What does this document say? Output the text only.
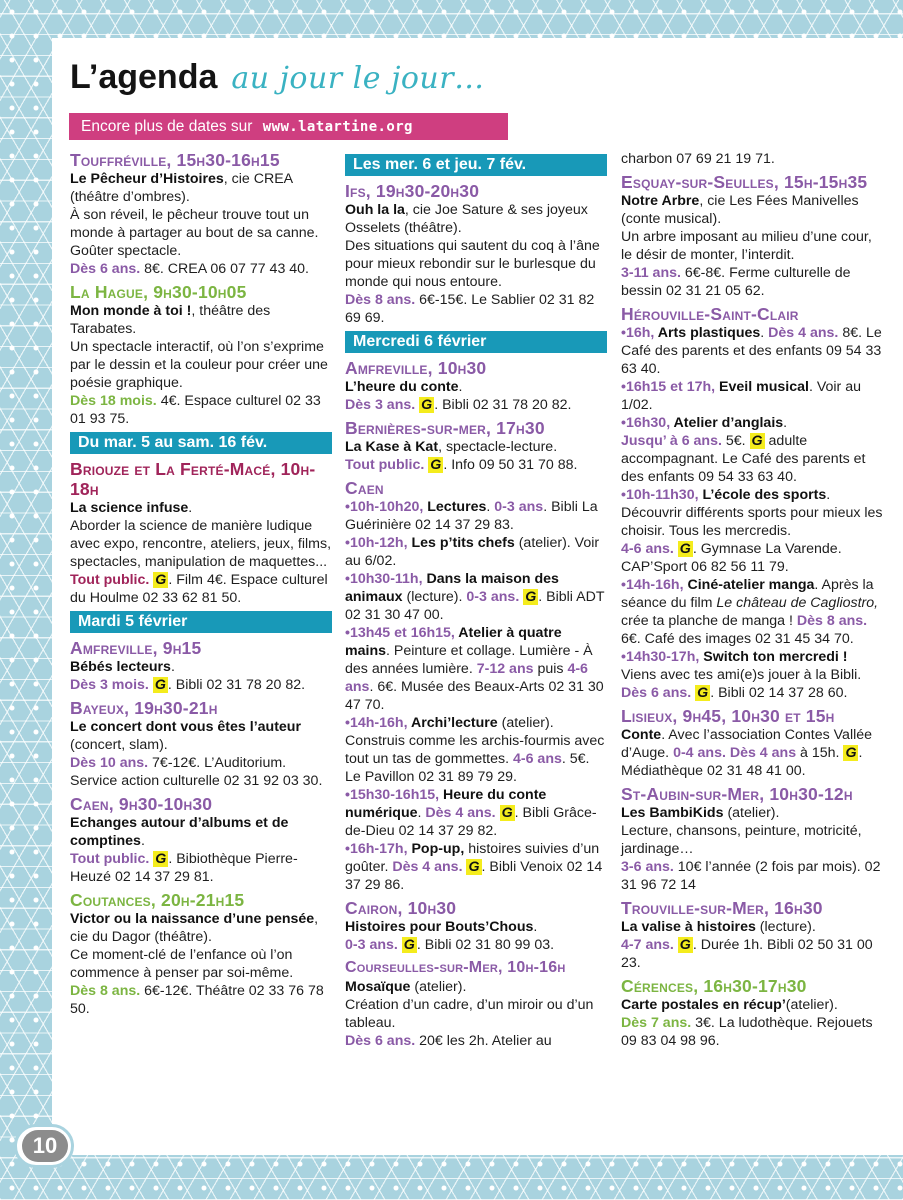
L’agenda au jour le jour…
Encore plus de dates sur www.latartine.org
Touffréville, 15h30-16h15

Le Pêcheur d’Histoires, cie CREA (théâtre d’ombres).

À son réveil, le pêcheur trouve tout un monde à partager au bout de sa canne. Goûter spectacle.

Dès 6 ans. 8€. CREA 06 07 77 43 40.

La Hague, 9h30-10h05

Mon monde à toi !, théâtre des Tarabates.

Un spectacle interactif, où l’on s’exprime par le dessin et la couleur pour créer une poésie graphique.

Dès 18 mois. 4€. Espace culturel 02 33 01 93 75.

Du mar. 5 au sam. 16 fév.
Briouze et La Ferté-Macé, 10h-18h

La science infuse.

Aborder la science de manière ludique avec expo, rencontre, ateliers, jeux, films, spectacles, manipulation de maquettes...

Tout public. G . Film 4€. Espace culturel du Houlme 02 33 62 81 50.

Mardi 5 février
Amfreville, 9h15

Bébés lecteurs.

Dès 3 mois. G . Bibli 02 31 78 20 82.

Bayeux, 19h30-21h

Le concert dont vous êtes l’auteur (concert, slam).

Dès 10 ans. 7€-12€. L’Auditorium. Service action culturelle 02 31 92 03 30.

Caen, 9h30-10h30

Echanges autour d’albums et de comptines.

Tout public. G . Bibiothèque Pierre-Heuzé 02 14 37 29 81.

Coutances, 20h-21h15

Victor ou la naissance d’une pensée, cie du Dagor (théâtre).

Ce moment-clé de l’enfance où l’on commence à penser par soi-même.

Dès 8 ans. 6€-12€. Théâtre 02 33 76 78 50.

Les mer. 6 et jeu. 7 fév.
Ifs, 19h30-20h30

Ouh la la, cie Joe Sature & ses joyeux Osselets (théâtre).

Des situations qui sautent du coq à l’âne pour mieux rebondir sur le burlesque du monde qui nous entoure.

Dès 8 ans. 6€-15€. Le Sablier 02 31 82 69 69.

Mercredi 6 février
Amfreville, 10h30

L’heure du conte.

Dès 3 ans. G . Bibli 02 31 78 20 82.

Bernières-sur-mer, 17h30

La Kase à Kat, spectacle-lecture.

Tout public. G . Info 09 50 31 70 88.

Caen

•10h-10h20, Lectures. 0-3 ans. Bibli La Guérinière 02 14 37 29 83.

•10h-12h, Les p’tits chefs (atelier). Voir au 6/02.

•10h30-11h, Dans la maison des animaux (lecture). 0-3 ans. G . Bibli ADT 02 31 30 47 00.

•13h45 et 16h15, Atelier à quatre mains. Peinture et collage. Lumière - À des années lumière. 7-12 ans puis 4-6 ans. 6€. Musée des Beaux-Arts 02 31 30 47 70.

•14h-16h, Archi’lecture (atelier). Construis comme les archis-fourmis avec tout un tas de gommettes. 4-6 ans. 5€. Le Pavillon 02 31 89 79 29.

•15h30-16h15, Heure du conte numérique. Dès 4 ans. G . Bibli Grâce-de-Dieu 02 14 37 29 82.

•16h-17h, Pop-up, histoires suivies d’un goûter. Dès 4 ans. G . Bibli Venoix 02 14 37 29 86.

Cairon, 10h30

Histoires pour Bouts’Chous.

0-3 ans. G . Bibli 02 31 80 99 03.

Courseulles-sur-Mer, 10h-16h

Mosaïque (atelier).

Création d’un cadre, d’un miroir ou d’un tableau.

Dès 6 ans. 20€ les 2h. Atelier au

charbon 07 69 21 19 71.

Esquay-sur-Seulles, 15h-15h35

Notre Arbre, cie Les Fées Manivelles (conte musical).

Un arbre imposant au milieu d’une cour, le désir de monter, l’interdit.

3-11 ans. 6€-8€. Ferme culturelle de bessin 02 31 21 05 62.

Hérouville-Saint-Clair

•16h, Arts plastiques. Dès 4 ans. 8€. Le Café des parents et des enfants 09 54 33 63 40.

•16h15 et 17h, Eveil musical. Voir au 1/02.

•16h30, Atelier d’anglais.
Jusqu’ à 6 ans. 5€. G adulte accompagnant. Le Café des parents et des enfants 09 54 33 63 40.

•10h-11h30, L’école des sports. Découvrir différents sports pour mieux les choisir. Tous les mercredis.
4-6 ans. G . Gymnase La Varende. CAP’Sport 06 82 56 11 79.

•14h-16h, Ciné-atelier manga. Après la séance du film Le château de Cagliostro, crée ta planche de manga ! Dès 8 ans. 6€. Café des images 02 31 45 34 70.

•14h30-17h, Switch ton mercredi ! Viens avec tes ami(e)s jouer à la Bibli. Dès 6 ans. G . Bibli 02 14 37 28 60.

Lisieux, 9h45, 10h30 et 15h

Conte. Avec l’association Contes Vallée d’Auge. 0-4 ans. Dès 4 ans à 15h. G . Médiathèque 02 31 48 41 00.

St-Aubin-sur-Mer, 10h30-12h

Les BambiKids (atelier).

Lecture, chansons, peinture, motricité, jardinage…

3-6 ans. 10€ l’année (2 fois par mois). 02 31 96 72 14

Trouville-sur-Mer, 16h30

La valise à histoires (lecture).

4-7 ans. G . Durée 1h. Bibli 02 50 31 00 23.

Cérences, 16h30-17h30

Carte postales en récup’(atelier).

Dès 7 ans. 3€. La ludothèque. Rejouets 09 83 04 98 96.

10
